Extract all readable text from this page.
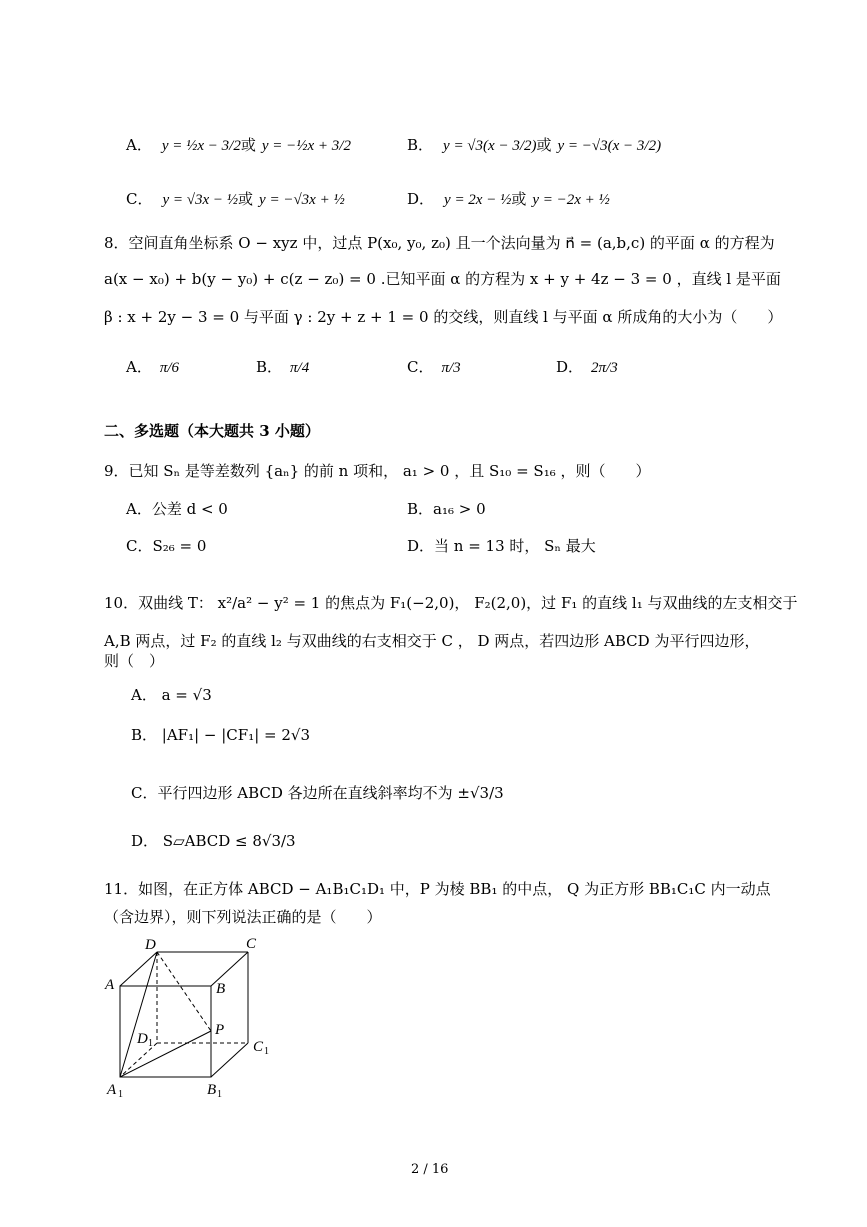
A． y = ½x − 3/2或 y = −½x + 3/2	B． y = √3(x − 3/2)或 y = −√3(x − 3/2)
C． y = √3x − ½或 y = −√3x + ½	D． y = 2x − ½或 y = −2x + ½
8．空间直角坐标系 O − xyz 中，过点 P(x₀, y₀, z₀) 且一个法向量为 n⃗ = (a,b,c) 的平面 α 的方程为
a(x − x₀) + b(y − y₀) + c(z − z₀) = 0 .已知平面 α 的方程为 x + y + 4z − 3 = 0 ，直线 l 是平面
β : x + 2y − 3 = 0 与平面 γ : 2y + z + 1 = 0 的交线，则直线 l 与平面 α 所成角的大小为（　　）
A． π/6	B． π/4	C． π/3	D． 2π/3
二、多选题（本大题共 3 小题）
9．已知 Sₙ 是等差数列 {aₙ} 的前 n 项和， a₁ > 0 ，且 S₁₀ = S₁₆ ，则（　　）
A．公差 d < 0	B．a₁₆ > 0
C．S₂₆ = 0	D．当 n = 13 时， Sₙ 最大
10．双曲线 T： x²/a² − y² = 1 的焦点为 F₁(−2,0)， F₂(2,0)，过 F₁ 的直线 l₁ 与双曲线的左支相交于
A,B 两点，过 F₂ 的直线 l₂ 与双曲线的右支相交于 C ， D 两点，若四边形 ABCD 为平行四边形，
则（　）
A． a = √3
B． |AF₁| − |CF₁| = 2√3
C．平行四边形 ABCD 各边所在直线斜率均不为 ±√3/3
D． S▱ABCD ≤ 8√3/3
11．如图，在正方体 ABCD − A₁B₁C₁D₁ 中，P 为棱 BB₁ 的中点， Q 为正方形 BB₁C₁C 内一动点
（含边界），则下列说法正确的是（　　）
D	C
A	B
P
D	C
A	B
1
1
1	1
2 / 16
